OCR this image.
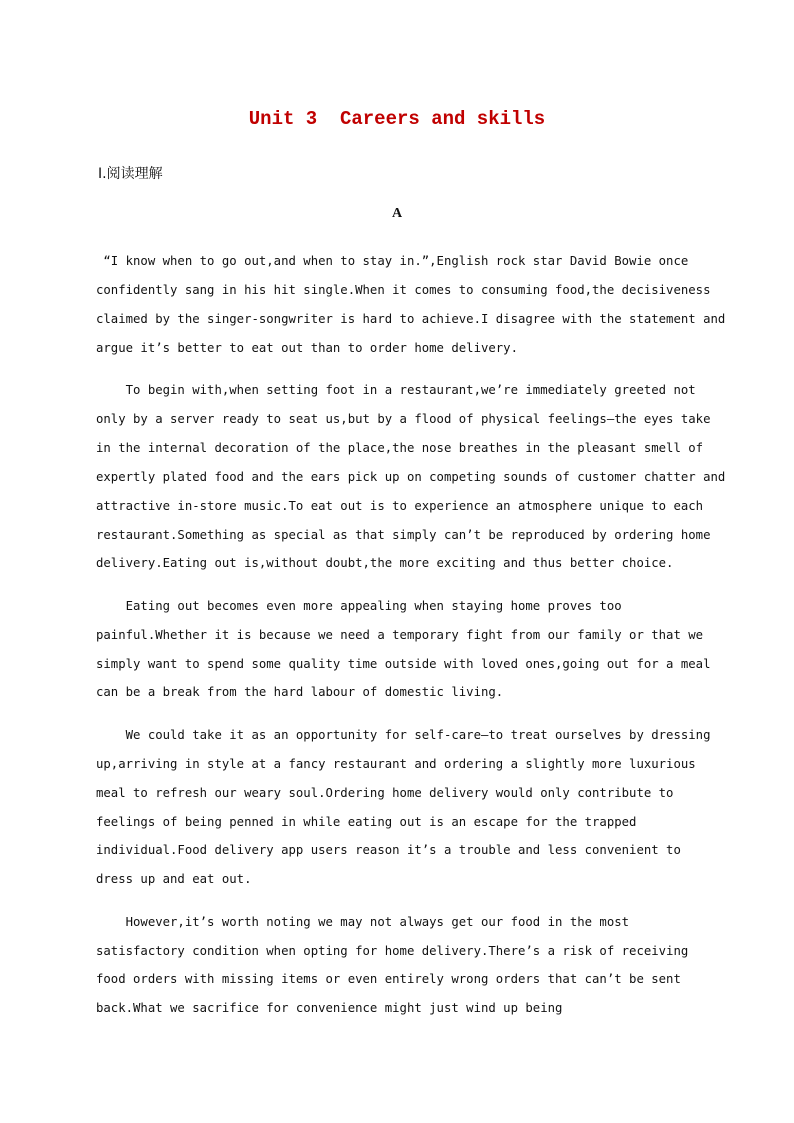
Unit 3  Careers and skills
Ⅰ.阅读理解
A
“I know when to go out,and when to stay in.”,English rock star David Bowie once
confidently sang in his hit single.When it comes to consuming food,the decisiveness
claimed by the singer-songwriter is hard to achieve.I disagree with the statement and
argue it’s better to eat out than to order home delivery.
To begin with,when setting foot in a restaurant,we’re immediately greeted not
only by a server ready to seat us,but by a flood of physical feelings—the eyes take
in the internal decoration of the place,the nose breathes in the pleasant smell of
expertly plated food and the ears pick up on competing sounds of customer chatter and
attractive in-store music.To eat out is to experience an atmosphere unique to each
restaurant.Something as special as that simply can’t be reproduced by ordering home
delivery.Eating out is,without doubt,the more exciting and thus better choice.
Eating out becomes even more appealing when staying home proves too
painful.Whether it is because we need a temporary fight from our family or that we
simply want to spend some quality time outside with loved ones,going out for a meal
can be a break from the hard labour of domestic living.
We could take it as an opportunity for self-care—to treat ourselves by dressing
up,arriving in style at a fancy restaurant and ordering a slightly more luxurious
meal to refresh our weary soul.Ordering home delivery would only contribute to
feelings of being penned in while eating out is an escape for the trapped
individual.Food delivery app users reason it’s a trouble and less convenient to
dress up and eat out.
However,it’s worth noting we may not always get our food in the most
satisfactory condition when opting for home delivery.There’s a risk of receiving
food orders with missing items or even entirely wrong orders that can’t be sent
back.What we sacrifice for convenience might just wind up being
